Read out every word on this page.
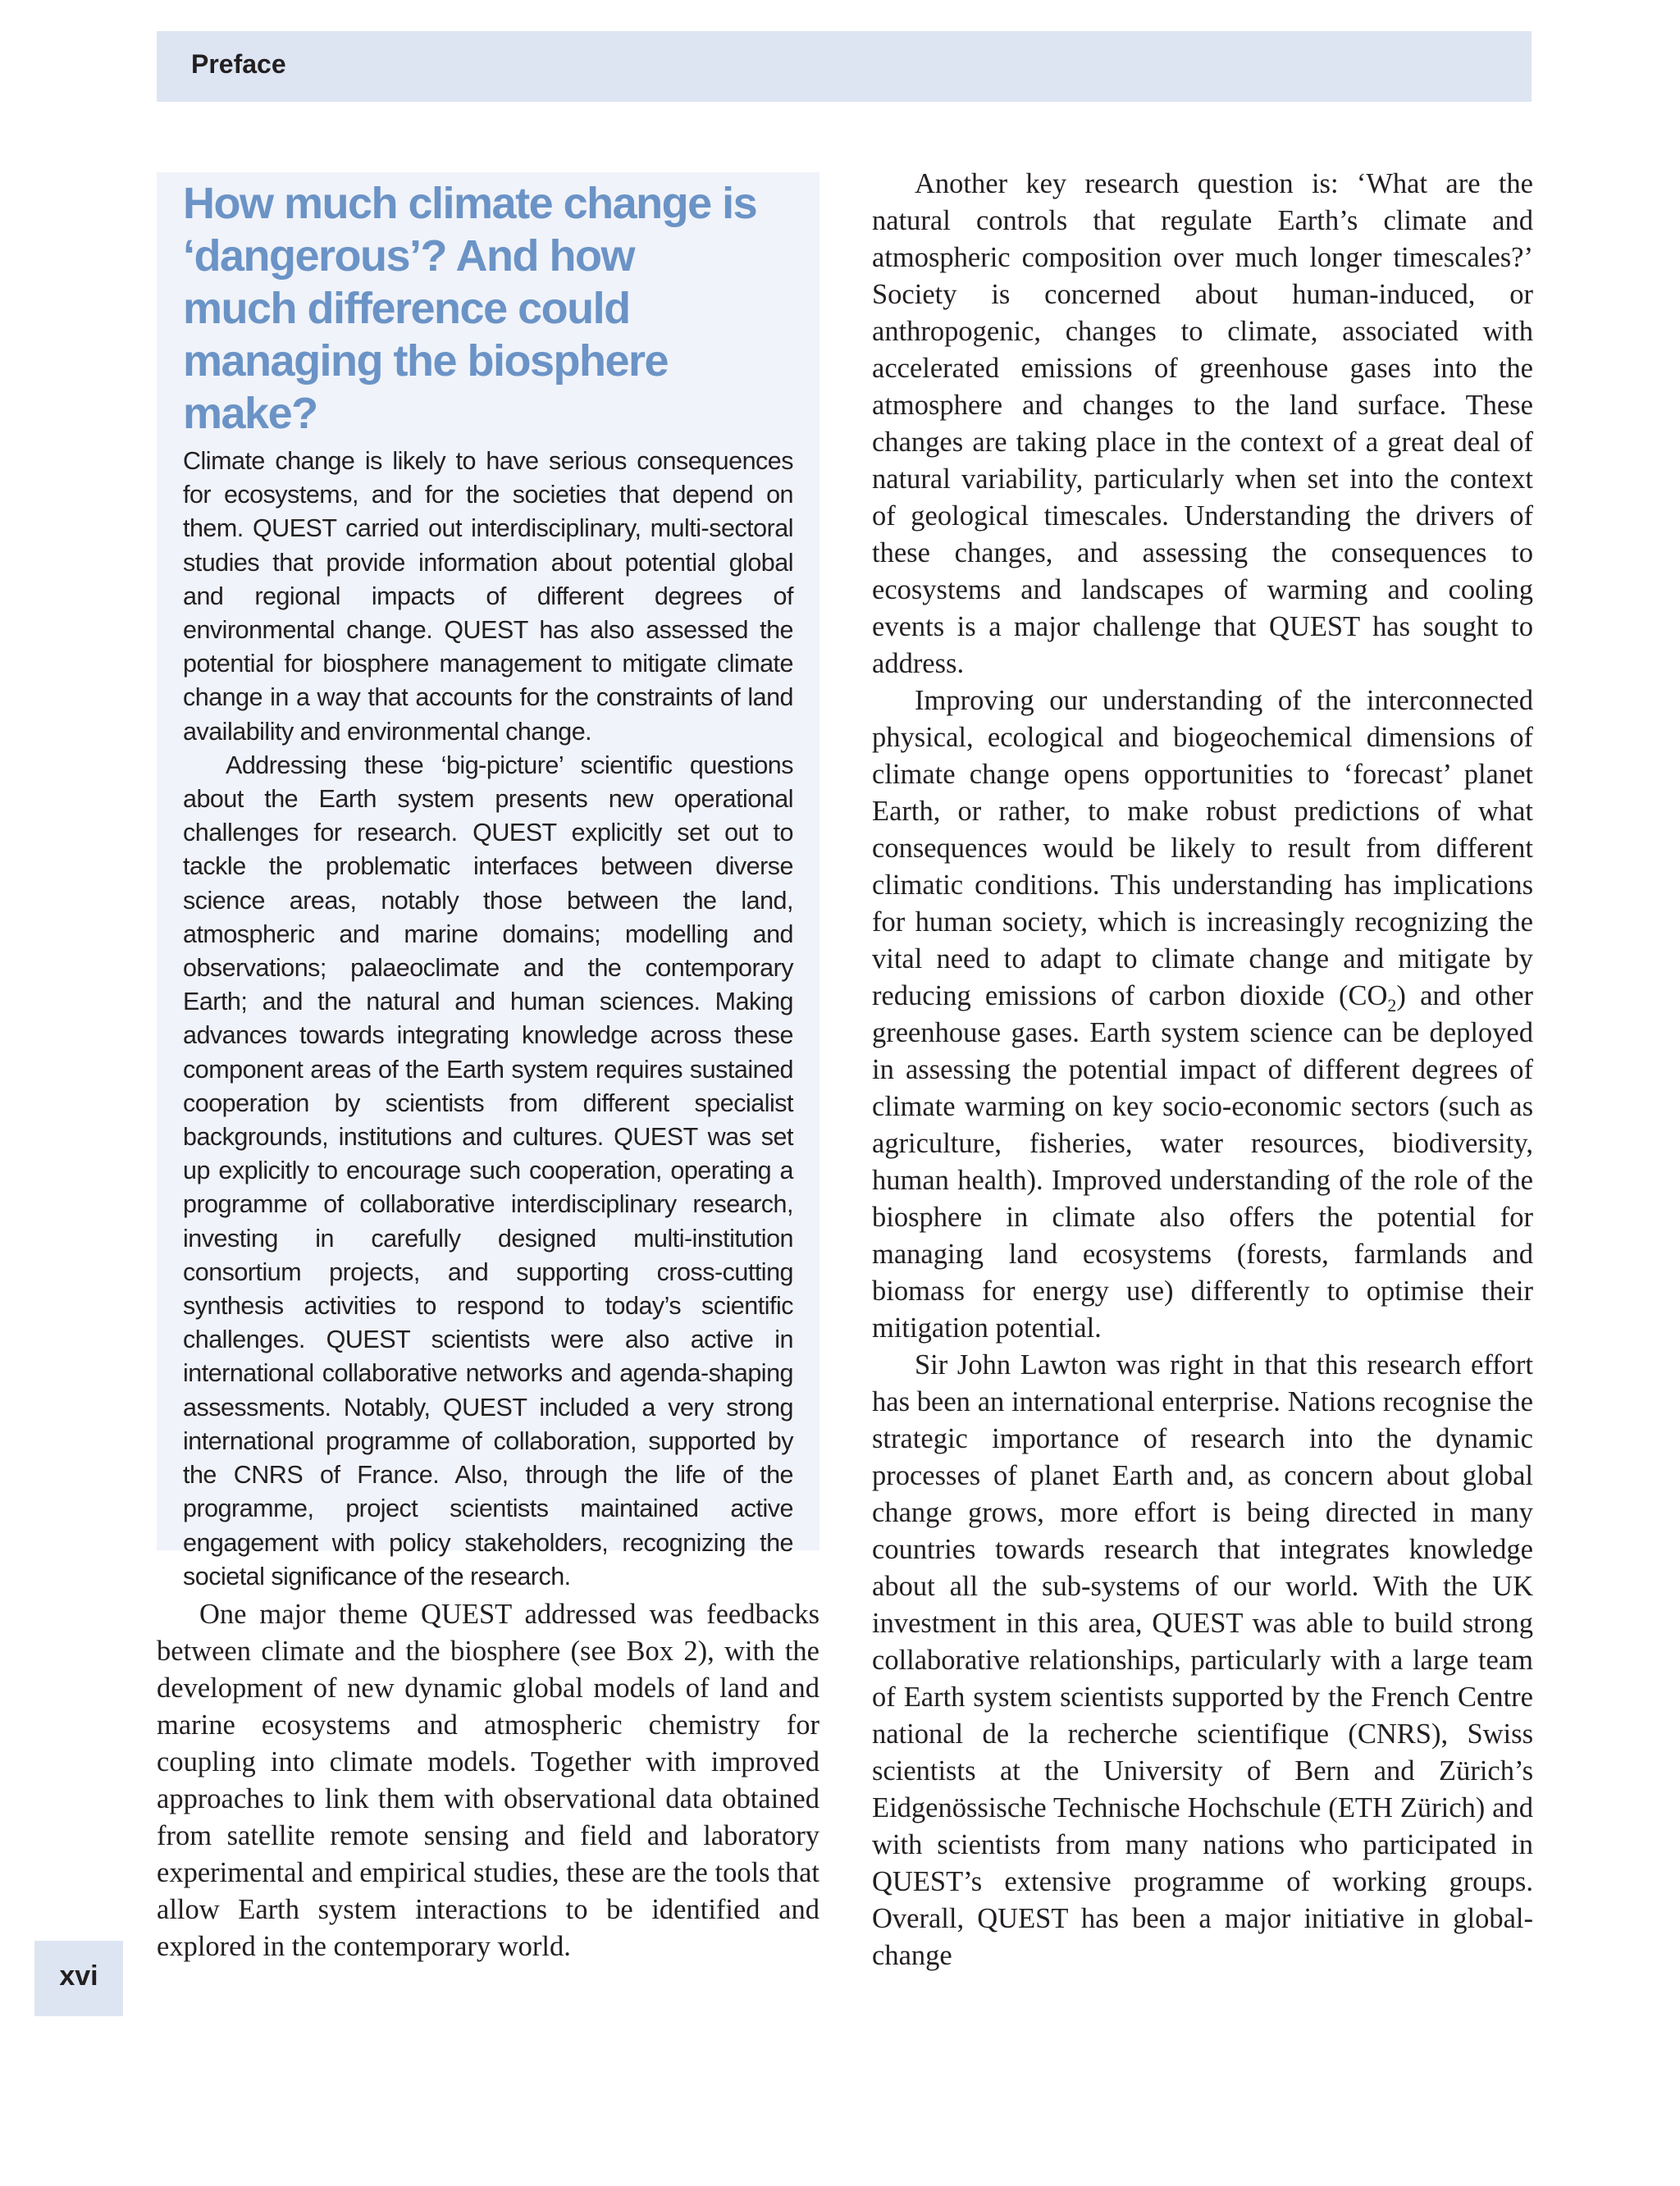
Preface
How much climate change is ‘dangerous’? And how much difference could managing the biosphere make?

Climate change is likely to have serious consequences for ecosystems, and for the societies that depend on them. QUEST carried out interdisciplinary, multi-sectoral studies that provide information about potential global and regional impacts of different degrees of environmental change. QUEST has also assessed the potential for biosphere management to mitigate climate change in a way that accounts for the constraints of land availability and environmental change.

Addressing these ‘big-picture’ scientific questions about the Earth system presents new operational challenges for research. QUEST explicitly set out to tackle the problematic interfaces between diverse science areas, notably those between the land, atmospheric and marine domains; modelling and observations; palaeoclimate and the contemporary Earth; and the natural and human sciences. Making advances towards integrating knowledge across these component areas of the Earth system requires sustained cooperation by scientists from different specialist backgrounds, institutions and cultures. QUEST was set up explicitly to encourage such cooperation, operating a programme of collaborative interdisciplinary research, investing in carefully designed multi-institution consortium projects, and supporting cross-cutting synthesis activities to respond to today’s scientific challenges. QUEST scientists were also active in international collaborative networks and agenda-shaping assessments. Notably, QUEST included a very strong international programme of collaboration, supported by the CNRS of France. Also, through the life of the programme, project scientists maintained active engagement with policy stakeholders, recognizing the societal significance of the research.

One major theme QUEST addressed was feedbacks between climate and the biosphere (see Box 2), with the development of new dynamic global models of land and marine ecosystems and atmospheric chemistry for coupling into climate models. Together with improved approaches to link them with observational data obtained from satellite remote sensing and field and laboratory experimental and empirical studies, these are the tools that allow Earth system interactions to be identified and explored in the contemporary world.

Another key research question is: ‘What are the natural controls that regulate Earth’s climate and atmospheric composition over much longer timescales?’ Society is concerned about human-induced, or anthropogenic, changes to climate, associated with accelerated emissions of greenhouse gases into the atmosphere and changes to the land surface. These changes are taking place in the context of a great deal of natural variability, particularly when set into the context of geological timescales. Understanding the drivers of these changes, and assessing the consequences to ecosystems and landscapes of warming and cooling events is a major challenge that QUEST has sought to address.

Improving our understanding of the interconnected physical, ecological and biogeochemical dimensions of climate change opens opportunities to ‘forecast’ planet Earth, or rather, to make robust predictions of what consequences would be likely to result from different climatic conditions. This understanding has implications for human society, which is increasingly recognizing the vital need to adapt to climate change and mitigate by reducing emissions of carbon dioxide $(CO_2)$ and other greenhouse gases. Earth system science can be deployed in assessing the potential impact of different degrees of climate warming on key socio-economic sectors (such as agriculture, fisheries, water resources, biodiversity, human health). Improved understanding of the role of the biosphere in climate also offers the potential for managing land ecosystems (forests, farmlands and biomass for energy use) differently to optimise their mitigation potential.

Sir John Lawton was right in that this research effort has been an international enterprise. Nations recognise the strategic importance of research into the dynamic processes of planet Earth and, as concern about global change grows, more effort is being directed in many countries towards research that integrates knowledge about all the sub-systems of our world. With the UK investment in this area, QUEST was able to build strong collaborative relationships, particularly with a large team of Earth system scientists supported by the French Centre national de la recherche scientifique (CNRS), Swiss scientists at the University of Bern and Zürich’s Eidgenössische Technische Hochschule (ETH Zürich) and with scientists from many nations who participated in QUEST’s extensive programme of working groups. Overall, QUEST has been a major initiative in global-change

xvi
